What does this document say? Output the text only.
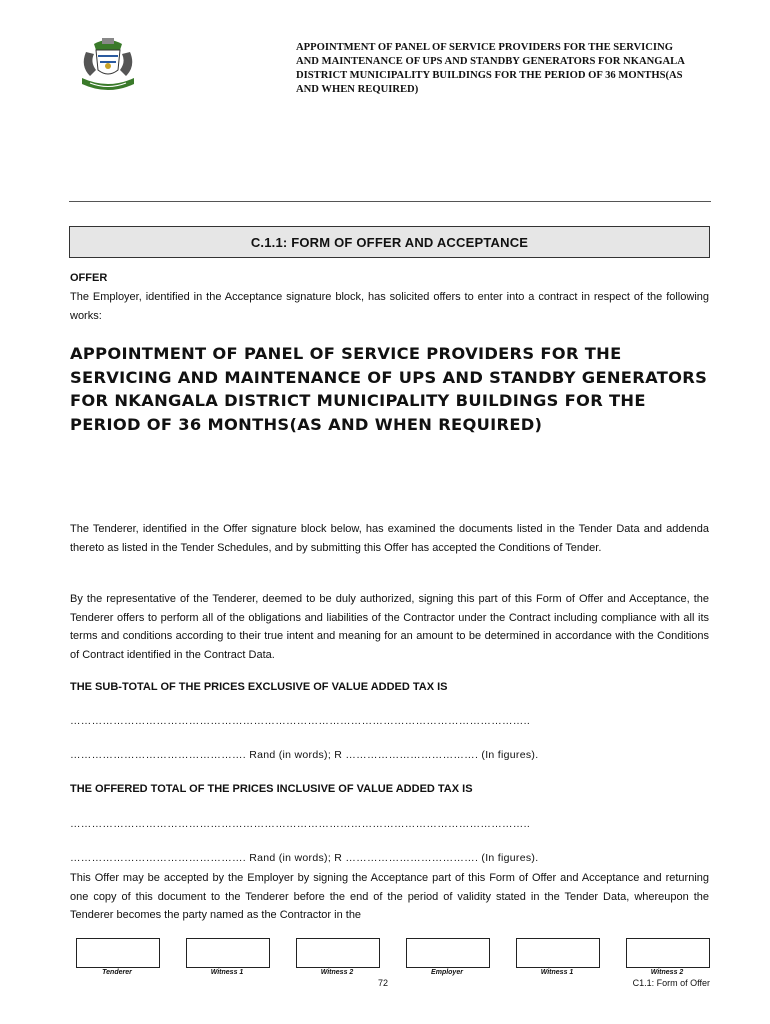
APPOINTMENT OF PANEL OF SERVICE PROVIDERS FOR THE SERVICING AND MAINTENANCE OF UPS AND STANDBY GENERATORS FOR NKANGALA DISTRICT MUNICIPALITY BUILDINGS FOR THE PERIOD OF 36 MONTHS(AS AND WHEN REQUIRED)
C.1.1: FORM OF OFFER AND ACCEPTANCE
OFFER
The Employer, identified in the Acceptance signature block, has solicited offers to enter into a contract in respect of the following works:
APPOINTMENT OF PANEL OF SERVICE PROVIDERS FOR THE SERVICING AND MAINTENANCE OF UPS AND STANDBY GENERATORS FOR NKANGALA DISTRICT MUNICIPALITY BUILDINGS FOR THE PERIOD OF 36 MONTHS(AS AND WHEN REQUIRED)
The Tenderer, identified in the Offer signature block below, has examined the documents listed in the Tender Data and addenda thereto as listed in the Tender Schedules, and by submitting this Offer has accepted the Conditions of Tender.
By the representative of the Tenderer, deemed to be duly authorized, signing this part of this Form of Offer and Acceptance, the Tenderer offers to perform all of the obligations and liabilities of the Contractor under the Contract including compliance with all its terms and conditions according to their true intent and meaning for an amount to be determined in accordance with the Conditions of Contract identified in the Contract Data.
THE SUB-TOTAL OF THE PRICES EXCLUSIVE OF VALUE ADDED TAX IS
………………………………………………………………………………………………………………..
…………………………………………. Rand (in words); R ………………………………. (In figures).
THE OFFERED TOTAL OF THE PRICES INCLUSIVE OF VALUE ADDED TAX IS
………………………………………………………………………………………………………………..
…………………………………………. Rand (in words); R ………………………………. (In figures).
This Offer may be accepted by the Employer by signing the Acceptance part of this Form of Offer and Acceptance and returning one copy of this document to the Tenderer before the end of the period of validity stated in the Tender Data, whereupon the Tenderer becomes the party named as the Contractor in the
Tenderer	Witness 1	Witness 2	Employer	Witness 1	Witness 2
72	C1.1: Form of Offer
